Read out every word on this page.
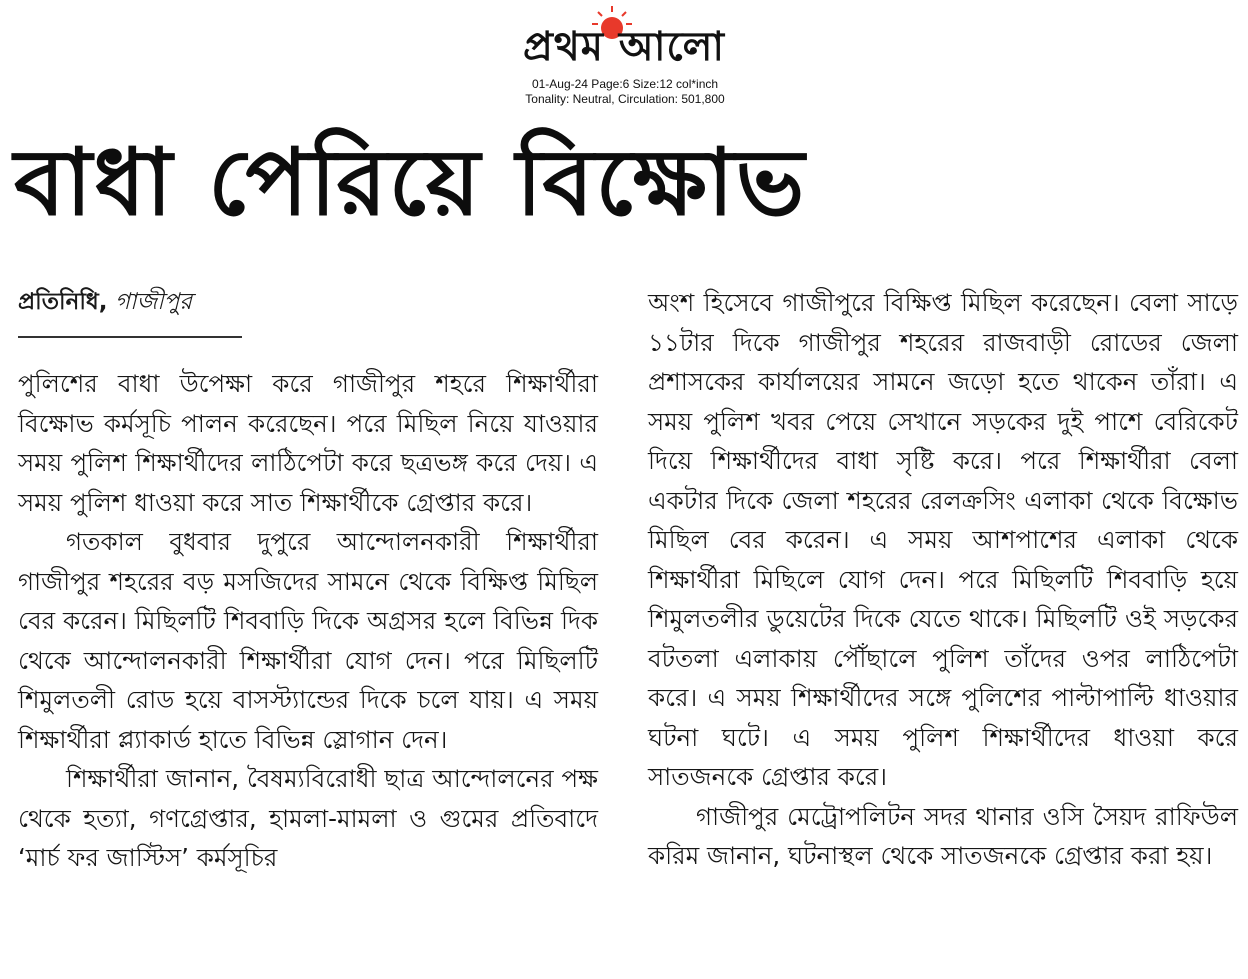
প্রথম আলো
01-Aug-24 Page:6 Size:12 col*inch
Tonality: Neutral, Circulation: 501,800
বাধা পেরিয়ে বিক্ষোভ
প্রতিনিধি, গাজীপুর

পুলিশের বাধা উপেক্ষা করে গাজীপুর শহরে শিক্ষার্থীরা বিক্ষোভ কর্মসূচি পালন করেছেন। পরে মিছিল নিয়ে যাওয়ার সময় পুলিশ শিক্ষার্থীদের লাঠিপেটা করে ছত্রভঙ্গ করে দেয়। এ সময় পুলিশ ধাওয়া করে সাত শিক্ষার্থীকে গ্রেপ্তার করে।

গতকাল বুধবার দুপুরে আন্দোলনকারী শিক্ষার্থীরা গাজীপুর শহরের বড় মসজিদের সামনে থেকে বিক্ষিপ্ত মিছিল বের করেন। মিছিলটি শিববাড়ি দিকে অগ্রসর হলে বিভিন্ন দিক থেকে আন্দোলনকারী শিক্ষার্থীরা যোগ দেন। পরে মিছিলটি শিমুলতলী রোড হয়ে বাসস্ট্যান্ডের দিকে চলে যায়। এ সময় শিক্ষার্থীরা প্ল্যাকার্ড হাতে বিভিন্ন স্লোগান দেন।

শিক্ষার্থীরা জানান, বৈষম্যবিরোধী ছাত্র আন্দোলনের পক্ষ থেকে হত্যা, গণগ্রেপ্তার, হামলা-মামলা ও গুমের প্রতিবাদে ‘মার্চ ফর জাস্টিস’ কর্মসূচির

অংশ হিসেবে গাজীপুরে বিক্ষিপ্ত মিছিল করেছেন। বেলা সাড়ে ১১টার দিকে গাজীপুর শহরের রাজবাড়ী রোডের জেলা প্রশাসকের কার্যালয়ের সামনে জড়ো হতে থাকেন তাঁরা। এ সময় পুলিশ খবর পেয়ে সেখানে সড়কের দুই পাশে বেরিকেট দিয়ে শিক্ষার্থীদের বাধা সৃষ্টি করে। পরে শিক্ষার্থীরা বেলা একটার দিকে জেলা শহরের রেলক্রসিং এলাকা থেকে বিক্ষোভ মিছিল বের করেন। এ সময় আশপাশের এলাকা থেকে শিক্ষার্থীরা মিছিলে যোগ দেন। পরে মিছিলটি শিববাড়ি হয়ে শিমুলতলীর ডুয়েটের দিকে যেতে থাকে। মিছিলটি ওই সড়কের বটতলা এলাকায় পৌঁছালে পুলিশ তাঁদের ওপর লাঠিপেটা করে। এ সময় শিক্ষার্থীদের সঙ্গে পুলিশের পাল্টাপাল্টি ধাওয়ার ঘটনা ঘটে। এ সময় পুলিশ শিক্ষার্থীদের ধাওয়া করে সাতজনকে গ্রেপ্তার করে।

গাজীপুর মেট্রোপলিটন সদর থানার ওসি সৈয়দ রাফিউল করিম জানান, ঘটনাস্থল থেকে সাতজনকে গ্রেপ্তার করা হয়।
